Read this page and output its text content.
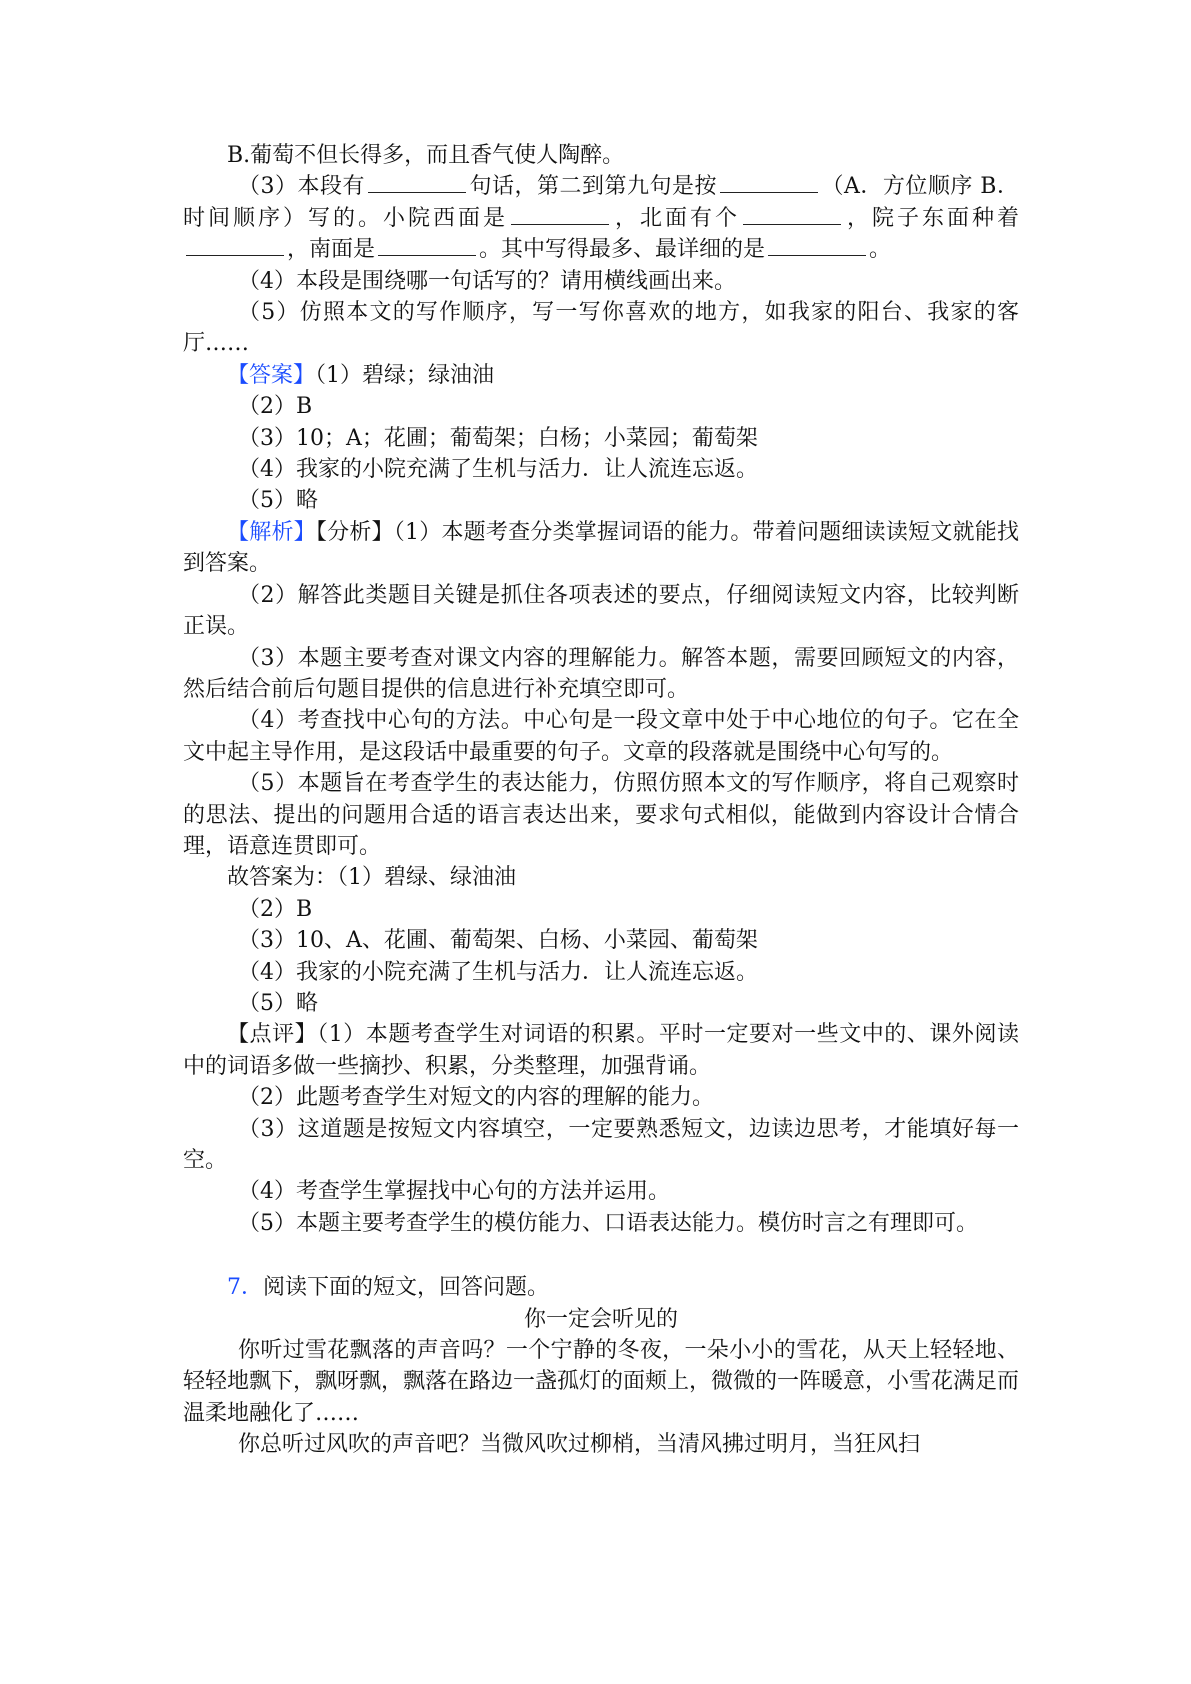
B.葡萄不但长得多，而且香气使人陶醉。

（3）本段有	句话，第二到第九句是按	（A．方位顺序 B．时间顺序）写的。小院西面是	，北面有个	，院子东面种着，南面是	。其中写得最多、最详细的是	。

（4）本段是围绕哪一句话写的？请用横线画出来。

（5）仿照本文的写作顺序，写一写你喜欢的地方，如我家的阳台、我家的客厅……

【答案】（1）碧绿；绿油油

（2）B

（3）10；A；花圃；葡萄架；白杨；小菜园；葡萄架

（4）我家的小院充满了生机与活力．让人流连忘返。

（5）略

【解析】【分析】（1）本题考查分类掌握词语的能力。带着问题细读读短文就能找到答案。

（2）解答此类题目关键是抓住各项表述的要点，仔细阅读短文内容，比较判断正误。

（3）本题主要考查对课文内容的理解能力。解答本题，需要回顾短文的内容，然后结合前后句题目提供的信息进行补充填空即可。

（4）考查找中心句的方法。中心句是一段文章中处于中心地位的句子。它在全文中起主导作用，是这段话中最重要的句子。文章的段落就是围绕中心句写的。

（5）本题旨在考查学生的表达能力，仿照仿照本文的写作顺序，将自己观察时的思法、提出的问题用合适的语言表达出来，要求句式相似，能做到内容设计合情合理，语意连贯即可。

故答案为：（1）碧绿、绿油油

（2）B

（3）10、A、花圃、葡萄架、白杨、小菜园、葡萄架

（4）我家的小院充满了生机与活力．让人流连忘返。

（5）略

【点评】（1）本题考查学生对词语的积累。平时一定要对一些文中的、课外阅读中的词语多做一些摘抄、积累，分类整理，加强背诵。

（2）此题考查学生对短文的内容的理解的能力。

（3）这道题是按短文内容填空，一定要熟悉短文，边读边思考，才能填好每一空。

（4）考查学生掌握找中心句的方法并运用。

（5）本题主要考查学生的模仿能力、口语表达能力。模仿时言之有理即可。

7．阅读下面的短文，回答问题。

你一定会听见的

你听过雪花飘落的声音吗？一个宁静的冬夜，一朵小小的雪花，从天上轻轻地、轻轻地飘下，飘呀飘，飘落在路边一盏孤灯的面颊上，微微的一阵暖意，小雪花满足而温柔地融化了……

你总听过风吹的声音吧？当微风吹过柳梢，当清风拂过明月，当狂风扫
